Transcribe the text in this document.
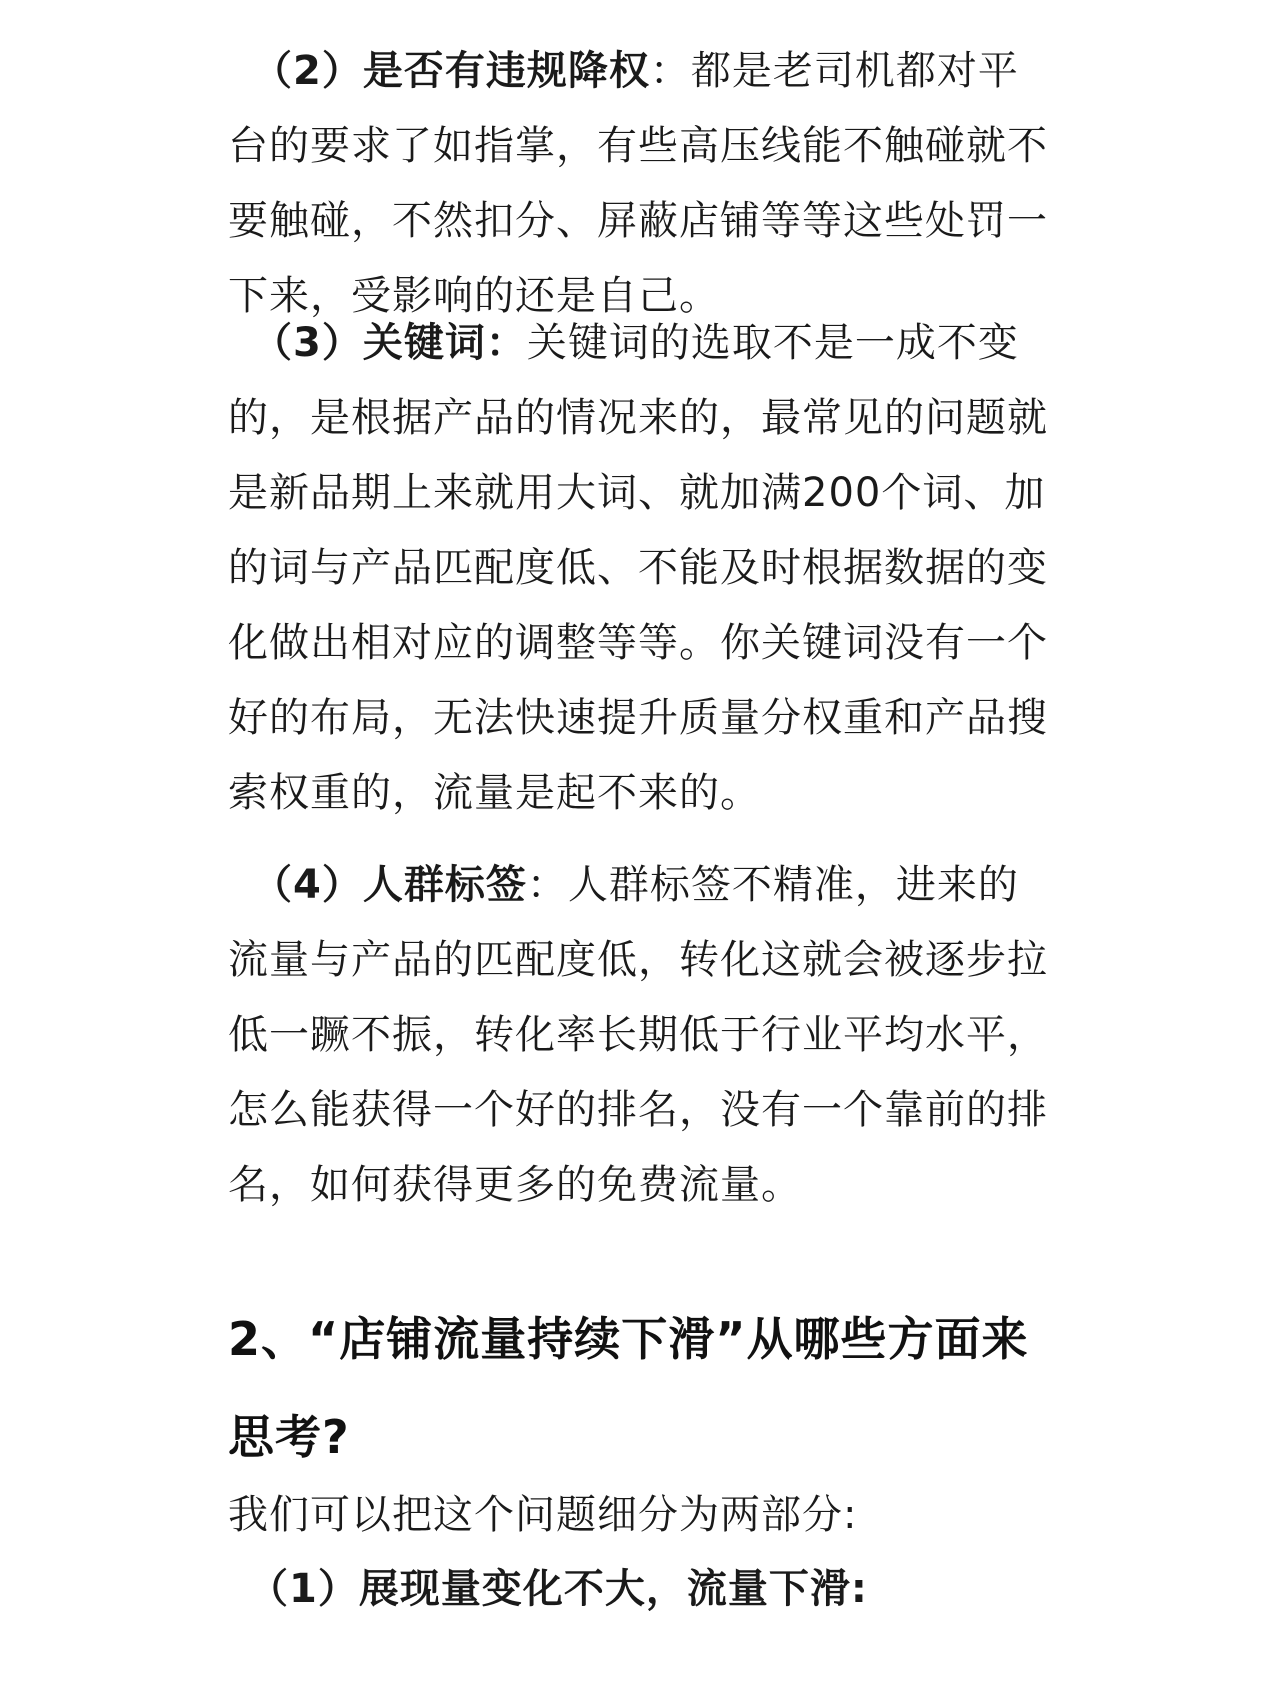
（2）是否有违规降权：都是老司机都对平台的要求了如指掌，有些高压线能不触碰就不要触碰，不然扣分、屏蔽店铺等等这些处罚一下来，受影响的还是自己。

（3）关键词：关键词的选取不是一成不变的，是根据产品的情况来的，最常见的问题就是新品期上来就用大词、就加满200个词、加的词与产品匹配度低、不能及时根据数据的变化做出相对应的调整等等。你关键词没有一个好的布局，无法快速提升质量分权重和产品搜索权重的，流量是起不来的。

（4）人群标签：人群标签不精准，进来的流量与产品的匹配度低，转化这就会被逐步拉低一蹶不振，转化率长期低于行业平均水平，怎么能获得一个好的排名，没有一个靠前的排名，如何获得更多的免费流量。

2、“店铺流量持续下滑”从哪些方面来思考?

我们可以把这个问题细分为两部分:

（1）展现量变化不大，流量下滑:
